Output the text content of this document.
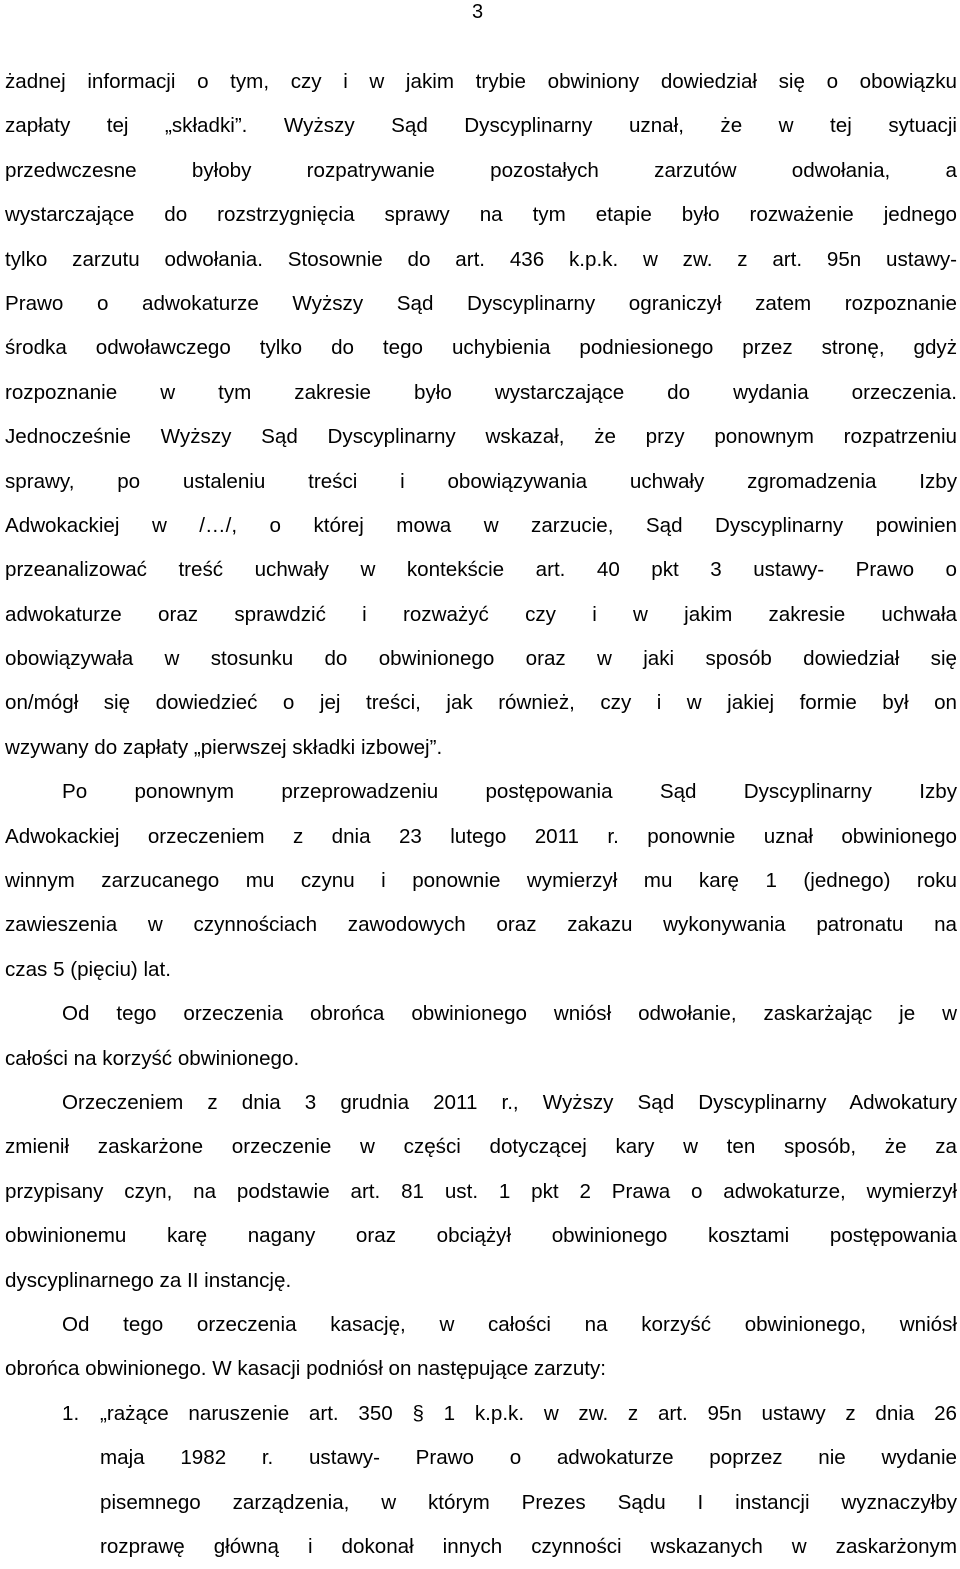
3
żadnej informacji o tym, czy i w jakim trybie obwiniony dowiedział się o obowiązku
zapłaty tej „składki”. Wyższy Sąd Dyscyplinarny uznał, że w tej sytuacji
przedwczesne byłoby rozpatrywanie pozostałych zarzutów odwołania, a
wystarczające do rozstrzygnięcia sprawy na tym etapie było rozważenie jednego
tylko zarzutu odwołania. Stosownie do art. 436 k.p.k. w zw. z art. 95n ustawy-
Prawo o adwokaturze Wyższy Sąd Dyscyplinarny ograniczył zatem rozpoznanie
środka odwoławczego tylko do tego uchybienia podniesionego przez stronę, gdyż
rozpoznanie w tym zakresie było wystarczające do wydania orzeczenia.
Jednocześnie Wyższy Sąd Dyscyplinarny wskazał, że przy ponownym rozpatrzeniu
sprawy, po ustaleniu treści i obowiązywania uchwały zgromadzenia Izby
Adwokackiej w /…/, o której mowa w zarzucie, Sąd Dyscyplinarny powinien
przeanalizować treść uchwały w kontekście art. 40 pkt 3 ustawy- Prawo o
adwokaturze oraz sprawdzić i rozważyć czy i w jakim zakresie uchwała
obowiązywała w stosunku do obwinionego oraz w jaki sposób dowiedział się
on/mógł się dowiedzieć o jej treści, jak również, czy i w jakiej formie był on
wzywany do zapłaty „pierwszej składki izbowej”.
Po ponownym przeprowadzeniu postępowania Sąd Dyscyplinarny Izby
Adwokackiej orzeczeniem z dnia 23 lutego 2011 r. ponownie uznał obwinionego
winnym zarzucanego mu czynu i ponownie wymierzył mu karę 1 (jednego) roku
zawieszenia w czynnościach zawodowych oraz zakazu wykonywania patronatu na
czas 5 (pięciu) lat.
Od tego orzeczenia obrońca obwinionego wniósł odwołanie, zaskarżając je w
całości na korzyść obwinionego.
Orzeczeniem z dnia 3 grudnia 2011 r., Wyższy Sąd Dyscyplinarny Adwokatury
zmienił zaskarżone orzeczenie w części dotyczącej kary w ten sposób, że za
przypisany czyn, na podstawie art. 81 ust. 1 pkt 2 Prawa o adwokaturze, wymierzył
obwinionemu karę nagany oraz obciążył obwinionego kosztami postępowania
dyscyplinarnego za II instancję.
Od tego orzeczenia kasację, w całości na korzyść obwinionego, wniósł
obrońca obwinionego. W kasacji podniósł on następujące zarzuty:
1. „rażące naruszenie art. 350 § 1 k.p.k. w zw. z art. 95n ustawy z dnia 26
maja 1982 r. ustawy- Prawo o adwokaturze poprzez nie wydanie
pisemnego zarządzenia, w którym Prezes Sądu I instancji wyznaczyłby
rozprawę główną i dokonał innych czynności wskazanych w zaskarżonym
